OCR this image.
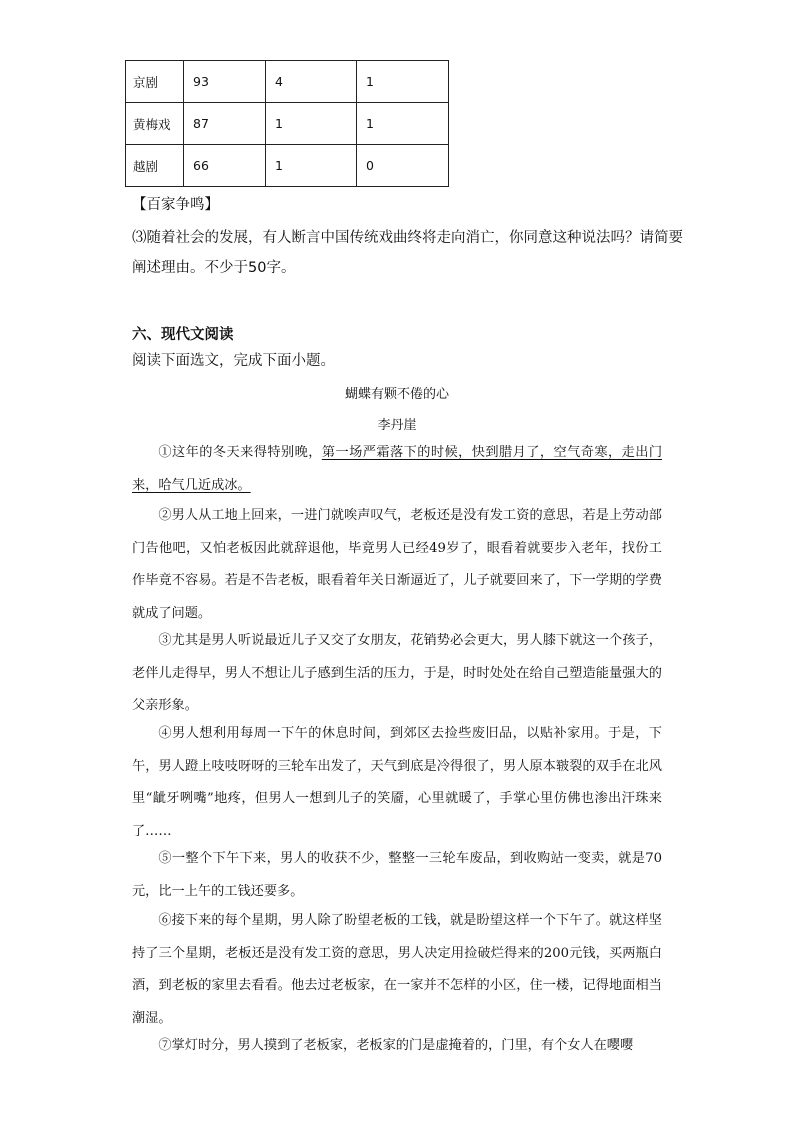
京剧	93	4	1
黄梅戏	87	1	1
越剧	66	1	0
【百家争鸣】
⑶随着社会的发展，有人断言中国传统戏曲终将走向消亡，你同意这种说法吗？请简要
阐述理由。不少于50字。
六、现代文阅读
阅读下面选文，完成下面小题。
蝴蝶有颗不倦的心
李丹崖

①这年的冬天来得特别晚，第一场严霜落下的时候，快到腊月了，空气奇寒，走出门来，哈气几近成冰。

②男人从工地上回来，一进门就唉声叹气，老板还是没有发工资的意思，若是上劳动部门告他吧，又怕老板因此就辞退他，毕竟男人已经49岁了，眼看着就要步入老年，找份工作毕竟不容易。若是不告老板，眼看着年关日渐逼近了，儿子就要回来了，下一学期的学费就成了问题。

③尤其是男人听说最近儿子又交了女朋友，花销势必会更大，男人膝下就这一个孩子，老伴儿走得早，男人不想让儿子感到生活的压力，于是，时时处处在给自己塑造能量强大的父亲形象。

④男人想利用每周一下午的休息时间，到郊区去捡些废旧品，以贴补家用。于是，下午，男人蹬上吱吱呀呀的三轮车出发了，天气到底是冷得很了，男人原本皲裂的双手在北风里“龇牙咧嘴”地疼，但男人一想到儿子的笑靥，心里就暖了，手掌心里仿佛也渗出汗珠来了……

⑤一整个下午下来，男人的收获不少，整整一三轮车废品，到收购站一变卖，就是70元，比一上午的工钱还要多。

⑥接下来的每个星期，男人除了盼望老板的工钱，就是盼望这样一个下午了。就这样坚持了三个星期，老板还是没有发工资的意思，男人决定用捡破烂得来的200元钱，买两瓶白酒，到老板的家里去看看。他去过老板家，在一家并不怎样的小区，住一楼，记得地面相当潮湿。

⑦掌灯时分，男人摸到了老板家，老板家的门是虚掩着的，门里，有个女人在嘤嘤
